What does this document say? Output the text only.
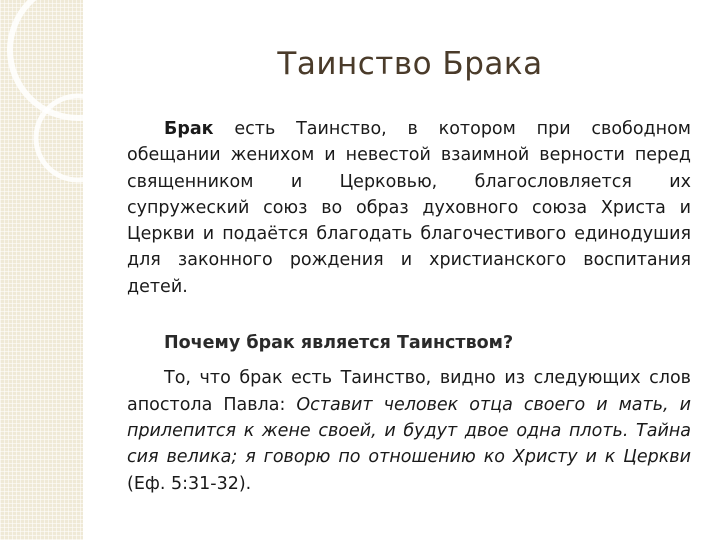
Таинство Брака

Брак есть Таинство, в котором при свободном обещании женихом и невестой взаимной верности перед священником и Церковью, благословляется их супружеский союз во образ духовного союза Христа и Церкви и подаётся благодать благочестивого единодушия для законного рождения и христианского воспитания детей.

Почему брак является Таинством?

То, что брак есть Таинство, видно из следующих слов апостола Павла: Оставит человек отца своего и мать, и прилепится к жене своей, и будут двое одна плоть. Тайна сия велика; я говорю по отношению ко Христу и к Церкви (Еф. 5:31-32).
